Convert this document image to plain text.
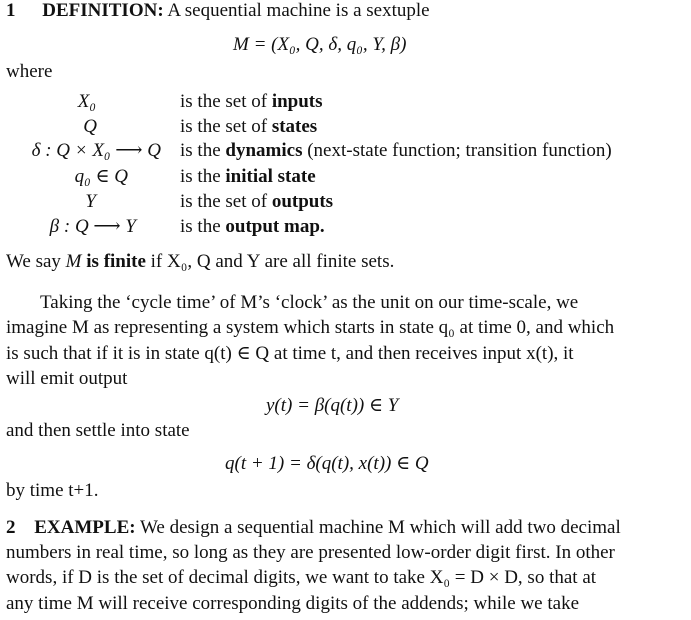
1 DEFINITION: A sequential machine is a sextuple
M = (X₀, Q, δ, q₀, Y, β)
where
X₀	is the set of inputs
Q	is the set of states
δ : Q × X₀ ⟶ Q is the dynamics (next-state function; transition function)
q₀ ∈ Q	is the initial state
Y	is the set of outputs
β : Q ⟶ Y is the output map.
We say M is finite if X₀, Q and Y are all finite sets.
Taking the ‘cycle time’ of M’s ‘clock’ as the unit on our time-scale, we
imagine M as representing a system which starts in state q₀ at time 0, and which
is such that if it is in state q(t) ∈ Q at time t, and then receives input x(t), it
will emit output
y(t) = β(q(t)) ∈ Y
and then settle into state
q(t + 1) = δ(q(t), x(t)) ∈ Q
by time t+1.
2 EXAMPLE: We design a sequential machine M which will add two decimal
numbers in real time, so long as they are presented low-order digit first. In other
words, if D is the set of decimal digits, we want to take X₀ = D × D, so that at
any time M will receive corresponding digits of the addends; while we take
